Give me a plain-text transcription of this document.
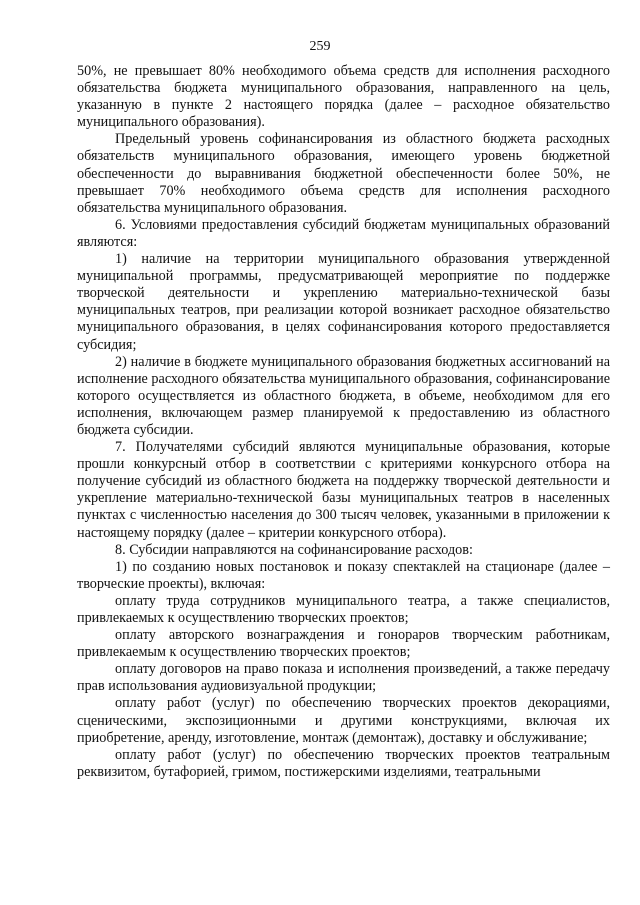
259

50%, не превышает 80% необходимого объема средств для исполнения расходного обязательства бюджета муниципального образования, направленного на цель, указанную в пункте 2 настоящего порядка (далее – расходное обязательство муниципального образования).

Предельный уровень софинансирования из областного бюджета расходных обязательств муниципального образования, имеющего уровень бюджетной обеспеченности до выравнивания бюджетной обеспеченности более 50%, не превышает 70% необходимого объема средств для исполнения расходного обязательства муниципального образования.

6. Условиями предоставления субсидий бюджетам муниципальных образований являются:

1) наличие на территории муниципального образования утвержденной муниципальной программы, предусматривающей мероприятие по поддержке творческой деятельности и укреплению материально-технической базы муниципальных театров, при реализации которой возникает расходное обязательство муниципального образования, в целях софинансирования которого предоставляется субсидия;

2) наличие в бюджете муниципального образования бюджетных ассигнований на исполнение расходного обязательства муниципального образования, софинансирование которого осуществляется из областного бюджета, в объеме, необходимом для его исполнения, включающем размер планируемой к предоставлению из областного бюджета субсидии.

7. Получателями субсидий являются муниципальные образования, которые прошли конкурсный отбор в соответствии с критериями конкурсного отбора на получение субсидий из областного бюджета на поддержку творческой деятельности и укрепление материально-технической базы муниципальных театров в населенных пунктах с численностью населения до 300 тысяч человек, указанными в приложении к настоящему порядку (далее – критерии конкурсного отбора).

8. Субсидии направляются на софинансирование расходов:

1) по созданию новых постановок и показу спектаклей на стационаре (далее – творческие проекты), включая:

оплату труда сотрудников муниципального театра, а также специалистов, привлекаемых к осуществлению творческих проектов;

оплату авторского вознаграждения и гонораров творческим работникам, привлекаемым к осуществлению творческих проектов;

оплату договоров на право показа и исполнения произведений, а также передачу прав использования аудиовизуальной продукции;

оплату работ (услуг) по обеспечению творческих проектов декорациями, сценическими, экспозиционными и другими конструкциями, включая их приобретение, аренду, изготовление, монтаж (демонтаж), доставку и обслуживание;

оплату работ (услуг) по обеспечению творческих проектов театральным реквизитом, бутафорией, гримом, постижерскими изделиями, театральными
